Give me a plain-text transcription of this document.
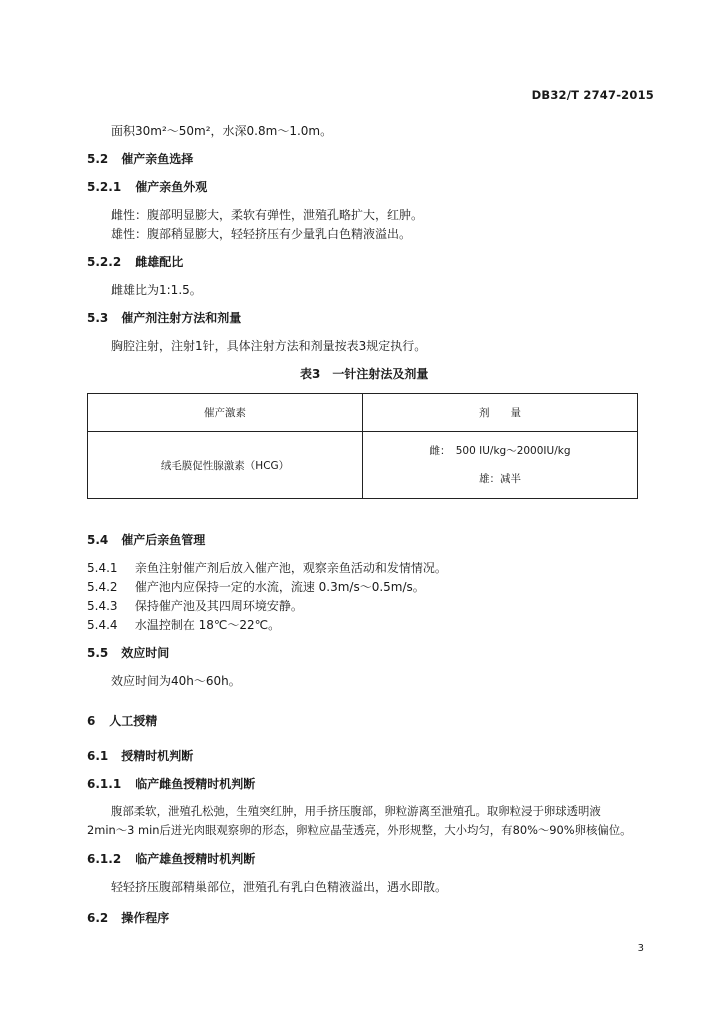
DB32/T 2747-2015
面积30m²～50m²，水深0.8m～1.0m。
5.2 催产亲鱼选择
5.2.1 催产亲鱼外观
雌性：腹部明显膨大，柔软有弹性，泄殖孔略扩大，红肿。
雄性：腹部稍显膨大，轻轻挤压有少量乳白色精液溢出。
5.2.2 雌雄配比
雌雄比为1:1.5。
5.3 催产剂注射方法和剂量
胸腔注射，注射1针，具体注射方法和剂量按表3规定执行。
表3　一针注射法及剂量
催产激素	剂　　量
绒毛膜促性腺激素（HCG）	雌：　500 IU/kg～2000IU/kg
雄：减半
5.4 催产后亲鱼管理
5.4.1 亲鱼注射催产剂后放入催产池，观察亲鱼活动和发情情况。
5.4.2 催产池内应保持一定的水流，流速 0.3m/s～0.5m/s。
5.4.3 保持催产池及其四周环境安静。
5.4.4 水温控制在 18℃～22℃。
5.5 效应时间
效应时间为40h～60h。
6 人工授精
6.1 授精时机判断
6.1.1 临产雌鱼授精时机判断
腹部柔软，泄殖孔松弛，生殖突红肿，用手挤压腹部，卵粒游离至泄殖孔。取卵粒浸于卵球透明液
2min～3 min后迸光肉眼观察卵的形态，卵粒应晶莹透亮，外形规整，大小均匀，有80%～90%卵核偏位。
6.1.2 临产雄鱼授精时机判断
轻轻挤压腹部精巢部位，泄殖孔有乳白色精液溢出，遇水即散。
6.2 操作程序
3
